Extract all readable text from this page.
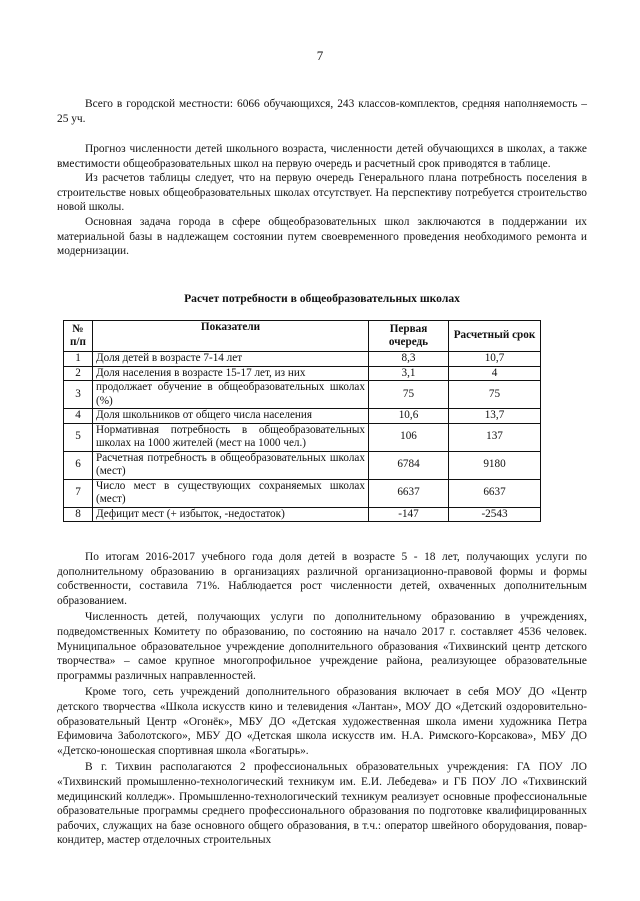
7

Всего в городской местности: 6066 обучающихся, 243 классов-комплектов, средняя наполняемость – 25 уч.

Прогноз численности детей школьного возраста, численности детей обучающихся в школах, а также вместимости общеобразовательных школ на первую очередь и расчетный срок приводятся в таблице.

Из расчетов таблицы следует, что на первую очередь Генерального плана потребность поселения в строительстве новых общеобразовательных школах отсутствует. На перспективу потребуется строительство новой школы.

Основная задача города в сфере общеобразовательных школ заключаются в поддержании их материальной базы в надлежащем состоянии путем своевременного проведения необходимого ремонта и модернизации.

Расчет потребности в общеобразовательных школах
№ п/п	Показатели	Первая очередь	Расчетный срок
1	Доля детей в возрасте 7-14 лет	8,3	10,7
2	Доля населения в возрасте 15-17 лет, из них	3,1	4
3	продолжает обучение в общеобразовательных школах (%)	75	75
4	Доля школьников от общего числа населения	10,6	13,7
5	Нормативная потребность в общеобразовательных школах на 1000 жителей (мест на 1000 чел.)	106	137
6	Расчетная потребность в общеобразовательных школах (мест)	6784	9180
7	Число мест в существующих сохраняемых школах (мест)	6637	6637
8	Дефицит мест (+ избыток, -недостаток)	-147	-2543

По итогам 2016-2017 учебного года доля детей в возрасте 5 - 18 лет, получающих услуги по дополнительному образованию в организациях различной организационно-правовой формы и формы собственности, составила 71%. Наблюдается рост численности детей, охваченных дополнительным образованием.

Численность детей, получающих услуги по дополнительному образованию в учреждениях, подведомственных Комитету по образованию, по состоянию на начало 2017 г. составляет 4536 человек. Муниципальное образовательное учреждение дополнительного образования «Тихвинский центр детского творчества» – самое крупное многопрофильное учреждение района, реализующее образовательные программы различных направленностей.

Кроме того, сеть учреждений дополнительного образования включает в себя МОУ ДО «Центр детского творчества «Школа искусств кино и телевидения «Лантан», МОУ ДО «Детский оздоровительно-образовательный Центр «Огонёк», МБУ ДО «Детская художественная школа имени художника Петра Ефимовича Заболотского», МБУ ДО «Детская школа искусств им. Н.А. Римского-Корсакова», МБУ ДО «Детско-юношеская спортивная школа «Богатырь».

В г. Тихвин располагаются 2 профессиональных образовательных учреждения: ГА ПОУ ЛО «Тихвинский промышленно-технологический техникум им. Е.И. Лебедева» и ГБ ПОУ ЛО «Тихвинский медицинский колледж». Промышленно-технологический техникум реализует основные профессиональные образовательные программы среднего профессионального образования по подготовке квалифицированных рабочих, служащих на базе основного общего образования, в т.ч.: оператор швейного оборудования, повар-кондитер, мастер отделочных строительных
